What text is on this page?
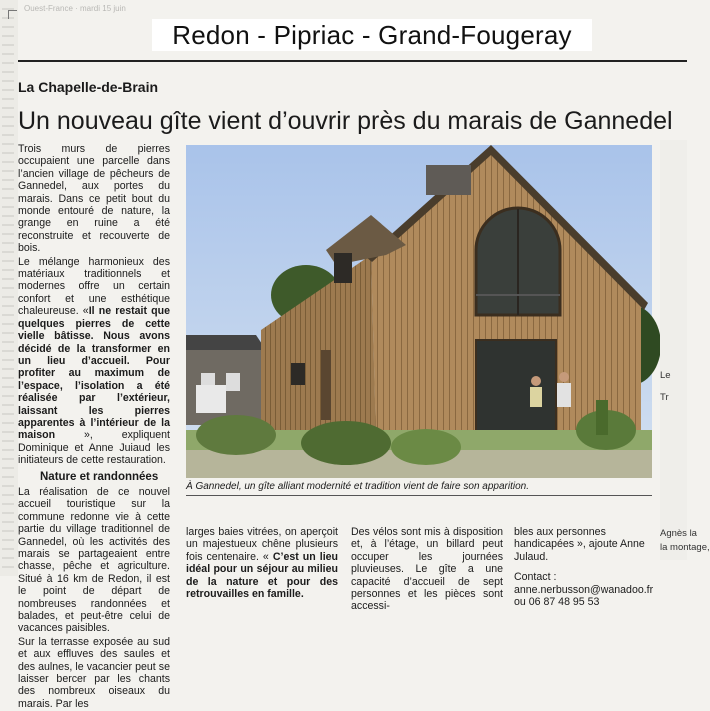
Ouest-France · mardi 15 juin
Redon - Pipriac - Grand-Fougeray
La Chapelle-de-Brain
Un nouveau gîte vient d’ouvrir près du marais de Gannedel

Trois murs de pierres occupaient une parcelle dans l’ancien village de pêcheurs de Gannedel, aux portes du marais. Dans ce petit bout du monde entouré de nature, la grange en ruine a été reconstruite et recouverte de bois.

Le mélange harmonieux des matériaux traditionnels et modernes offre un certain confort et une esthétique chaleureuse. «Il ne restait que quelques pierres de cette vielle bâtisse. Nous avons décidé de la transformer en un lieu d’accueil. Pour profiter au maximum de l’espace, l’isolation a été réalisée par l’extérieur, laissant les pierres apparentes à l’intérieur de la maison », expliquent Dominique et Anne Juiaud les initiateurs de cette restauration.

Nature et randonnées

La réalisation de ce nouvel accueil touristique sur la commune redonne vie à cette partie du village traditionnel de Gannedel, où les activités des marais se partageaient entre chasse, pêche et agriculture. Situé à 16 km de Redon, il est le point de départ de nombreuses randonnées et balades, et peut-être celui de vacances paisibles.

Sur la terrasse exposée au sud et aux effluves des saules et des aulnes, le vacancier peut se laisser bercer par les chants des nombreux oiseaux du marais. Par les

À Gannedel, un gîte alliant modernité et tradition vient de faire son apparition.

larges baies vitrées, on aperçoit un majestueux chêne plusieurs fois centenaire. « C’est un lieu idéal pour un séjour au milieu de la nature et pour des retrouvailles en famille.

Des vélos sont mis à disposition et, à l’étage, un billard peut occuper les journées pluvieuses. Le gîte a une capacité d’accueil de sept personnes et les pièces sont accessi-

bles aux personnes handicapées », ajoute Anne Julaud.

Contact : anne.nerbusson@wanadoo.fr ou 06 87 48 95 53

Le
Tr
Agnès la
la montage,
